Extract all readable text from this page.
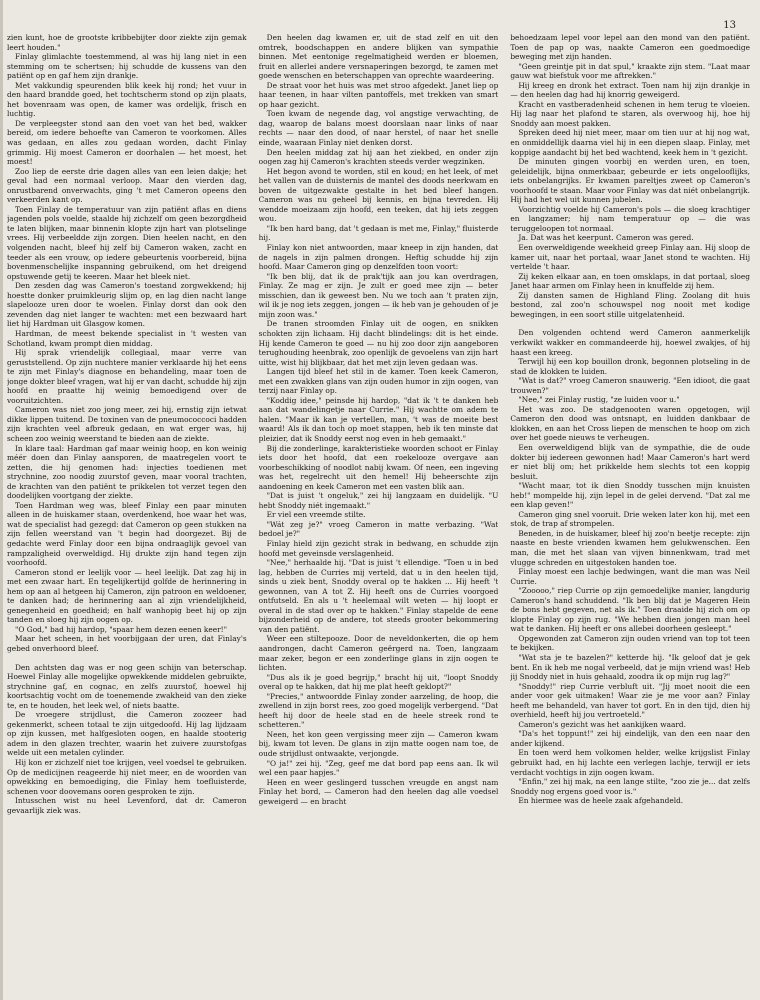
13

zien kunt, hoe de grootste kribbebijter door ziekte zijn gemak leert houden."

Finlay glimlachte toestemmend, al was hij lang niet in een stemming om te schertsen; hij schudde de kussens van den patiënt op en gaf hem zijn drankje.

Met vakkundig speurenden blik keek hij rond; het vuur in den haard brandde goed, het tochtscherm stond op zijn plaats, het bovenraam was open, de kamer was ordelijk, frisch en luchtig.

De verpleegster stond aan den voet van het bed, wakker bereid, om iedere behoefte van Cameron te voorkomen. Alles was gedaan, en alles zou gedaan worden, dacht Finlay grimmig. Hij moest Cameron er doorhalen — het moest, het moest!

Zoo liep de eerste drie dagen alles van een leien dakje; het geval had een normaal verloop. Maar den vierden dag, onrustbarend onverwachts, ging 't met Cameron opeens den verkeerden kant op.

Toen Finlay de temperatuur van zijn patiënt aflas en diens jagenden pols voelde, staalde hij zichzelf om geen bezorgdheid te laten blijken, maar binnenin klopte zijn hart van plotselinge vrees. Hij verbeeldde zijn zorgen. Dien heelen nacht, en den volgenden nacht, bleef hij zelf bij Cameron waken, zacht en teeder als een vrouw, op iedere gebeurtenis voorbereid, bijna bovenmenschelijke inspanning gebruikend, om het dreigend opstuwende getij te keeren. Maar het bleek niet.

Den zesden dag was Cameron's toestand zorgwekkend; hij hoestte donker pruimkleurig slijm op, en lag dien nacht lange slapelooze uren door te woelen. Finlay dorst dan ook den zevenden dag niet langer te wachten: met een bezwaard hart liet hij Hardman uit Glasgow komen.

Hardman, de meest bekende specialist in 't westen van Schotland, kwam prompt dien middag.

Hij sprak vriendelijk collegiaal, maar verre van geruststellend. Op zijn nuchtere manier verklaarde hij het eens te zijn met Finlay's diagnose en behandeling, maar toen de jonge dokter bleef vragen, wat hij er van dacht, schudde hij zijn hoofd en praatte hij weinig bemoedigend over de vooruitzichten.

Cameron was niet zoo jong meer, zei hij, ernstig zijn ietwat dikke lippen tuitend. De toxinen van de pneumococcoci hadden zijn krachten veel afbreuk gedaan, en wat erger was, hij scheen zoo weinig weerstand te bieden aan de ziekte.

In klare taal: Hardman gaf maar weinig hoop, en kon weinig méér doen dan Finlay aansporen, de maatregelen voort te zetten, die hij genomen had: injecties toedienen met strychnine, zoo noodig zuurstof geven, maar vooral trachten, de krachten van den patiënt te prikkelen tot verzet tegen den doodelijken voortgang der ziekte.

Toen Hardman weg was, bleef Finlay een paar minuten alleen in de huiskamer staan, overdenkend, hoe waar het was, wat de specialist had gezegd: dat Cameron op geen stukken na zijn fellen weerstand van 't begin had doorgezet. Bij de gedachte werd Finlay door een bijna ondraaglijk gevoel van rampzaligheid overweldigd. Hij drukte zijn hand tegen zijn voorhoofd.

Cameron stond er leelijk voor — heel leelijk. Dat zag hij in met een zwaar hart. En tegelijkertijd golfde de herinnering in hem op aan al hetgeen hij Cameron, zijn patroon en weldoener, te danken had; de herinnering aan al zijn vriendelijkheid, genegenheid en goedheid; en half wanhopig beet hij op zijn tanden en sloeg hij zijn oogen op.

"O God," bad hij hardop, "spaar hem dezen eenen keer!"

Maar het scheen, in het voorbijgaan der uren, dat Finlay's gebed onverhoord bleef.

Den achtsten dag was er nog geen schijn van beterschap. Hoewel Finlay alle mogelijke opwekkende middelen gebruikte, strychnine gaf, en cognac, en zelfs zuurstof, hoewel hij koortsachtig vocht om de toenemende zwakheid van den zieke te, en te houden, het leek wel, of niets baatte.

De vroegere strijdlust, die Cameron zoozeer had gekenmerkt, scheen totaal te zijn uitgedoofd. Hij lag lijdzaam op zijn kussen, met halfgesloten oogen, en haalde stooterig adem in den glazen trechter, waarin het zuivere zuurstofgas welde uit een metalen cylinder.

Hij kon er zichzelf niet toe krijgen, veel voedsel te gebruiken. Op de medicijnen reageerde hij niet meer, en de woorden van opwekking en bemoediging, die Finlay hem toefluisterde, schenen voor doovemans ooren gesproken te zijn.

Intusschen wist nu heel Levenford, dat dr. Cameron gevaarlijk ziek was.

Den heelen dag kwamen er, uit de stad zelf en uit den omtrek, boodschappen en andere blijken van sympathie binnen. Met eentonige regelmatigheid werden er bloemen, fruit en allerlei andere versnaperingen bezorgd, te zamen met goede wenschen en beterschappen van oprechte waardeering.

De straat voor het huis was met stroo afgedekt. Janet liep op haar teenen, in haar vilten pantoffels, met trekken van smart op haar gezicht.

Toen kwam de negende dag, vol angstige verwachting, de dag, waarop de balans moest doorslaan naar links of naar rechts — naar den dood, of naar herstel, of naar het snelle einde, waaraan Finlay niet denken dorst.

Den heelen middag zat hij aan het ziekbed, en onder zijn oogen zag hij Cameron's krachten steeds verder wegzinken.

Het begon avond te worden, stil en koud; en het leek, of met het vallen van de duisternis de mantel des doods neerkwam en boven de uitgezwakte gestalte in het bed bleef hangen. Cameron was nu geheel bij kennis, en bijna tevreden. Hij wendde moeizaam zijn hoofd, een teeken, dat hij iets zeggen wou.

"Ik ben hard bang, dat 't gedaan is met me, Finlay," fluisterde hij.

Finlay kon niet antwoorden, maar kneep in zijn handen, dat de nagels in zijn palmen drongen. Heftig schudde hij zijn hoofd. Maar Cameron ging op denzelfden toon voort:

"Ik ben blij, dat ik de prak'tijk aan jou kan overdragen, Finlay. Ze mag er zijn. Je zult er goed mee zijn — beter misschien, dan ik geweest ben. Nu we toch aan 't praten zijn, wil ik je nog iets zeggen, jongen — ik heb van je gehouden of je mijn zoon was."

De tranen stroomden Finlay uit de oogen, en snikken schokten zijn lichaam. Hij dacht blindelings: dit is het einde. Hij kende Cameron te goed — nu hij zoo door zijn aangeboren terughouding heenbrak, zoo openlijk de gevoelens van zijn hart uitte, wist hij blijkbaar, dat het met zijn leven gedaan was.

Langen tijd bleef het stil in de kamer. Toen keek Cameron, met een zwakken glans van zijn ouden humor in zijn oogen, van terzij naar Finlay op.

"Koddig idee," peinsde hij hardop, "dat ik 't te danken heb aan dat wandelingetje naar Currie." Hij wachtte om adem te halen. "Maar ik kan je vertellen, man, 't was de moeite best waard! Als ik dan toch op moet stappen, heb ik ten minste dat pleizier, dat ik Snoddy eerst nog even in heb gemaakt."

Bij die zonderlinge, karakteristieke woorden schoot er Finlay iets door het hoofd, dat een roekelooze overgave aan voorbeschikking of noodlot nabij kwam. Of neen, een ingeving was het, regelrecht uit den hemel! Hij beheerschte zijn aandoening en keek Cameron met een vasten blik aan.

"Dat is juist 't ongeluk," zei hij langzaam en duidelijk. "U hebt Snoddy niét ingemaakt."

Er viel een vreemde stilte.

"Wát zeg je?" vroeg Cameron in matte verbazing. "Wat bedoel je?"

Finlay hield zijn gezicht strak in bedwang, en schudde zijn hoofd met geveinsde verslagenheid.

"Nee," herhaalde hij. "Dat is juist 't ellendige. "Toen u in bed lag, hebben de Curries mij verteld, dat u in den heelen tijd, sinds u ziek bent, Snoddy overal op te hakken ... Hij heeft 't gewonnen, van A tot Z. Hij heeft ons de Curries voorgoed ontfutseld. En als u 't heelemaal wilt weten — hij loopt er overal in de stad over op te hakken." Finlay stapelde de eene bijzonderheid op de andere, tot steeds grooter bekommering van den patiënt.

Weer een stiltepooze. Door de neveldonkerten, die op hem aandrongen, dacht Cameron geërgerd na. Toen, langzaam maar zeker, begon er een zonderlinge glans in zijn oogen te lichten.

"Dus als ik je goed begrijp," bracht hij uit, "loopt Snoddy overal op te hakken, dat hij me plat heeft geklopt?"

"Precies," antwoordde Finlay zonder aarzeling, de hoop, die zwellend in zijn borst rees, zoo goed mogelijk verbergend. "Dat heeft hij door de heele stad en de heele streek rond te schetteren."

Neen, het kon geen vergissing meer zijn — Cameron kwam bij, kwam tot leven. De glans in zijn matte oogen nam toe, de oude strijdlust ontwaakte, verjongde.

"O ja!" zei hij. "Zeg, geef me dat bord pap eens aan. Ik wil wel een paar hapjes."

Heen en weer geslingerd tusschen vreugde en angst nam Finlay het bord, — Cameron had den heelen dag alle voedsel geweigerd — en bracht

behoedzaam lepel voor lepel aan den mond van den patiënt. Toen de pap op was, naakte Cameron een goedmoedige beweging met zijn handen.

"Geen greintje pit in dat spul," kraakte zijn stem. "Laat maar gauw wat biefstuk voor me aftrekken."

Hij kreeg en dronk het extract. Toen nam hij zijn drankje in — den heelen dag had hij knorrig geweigerd.

Kracht en vastberadenheid schenen in hem terug te vloeien. Hij lag naar het plafond te staren, als overwoog hij, hoe hij Snoddy aan moest pakken.

Spreken deed hij niet meer, maar om tien uur at hij nog wat, en onmiddellijk daarna viel hij in een diepen slaap. Finlay, met koppige aandacht bij het bed wachtend, keek hem in 't gezicht.

De minuten gingen voorbij en werden uren, en toen, geleidelijk, bijna onmerkbaar, gebeurde er iets ongelooflijks, iets onbelangrijks. Er kwamen pareltjes zweet op Cameron's voorhoofd te staan. Maar voor Finlay was dat niét onbelangrijk. Hij had het wel uit kunnen jubelen.

Voorzichtig voelde hij Cameron's pols — die sloeg krachtiger en langzamer; hij nam temperatuur op — die was teruggeloopen tot normaal.

Ja. Dat was het keerpunt. Cameron was gered.

Een overweldigende weekheid greep Finlay aan. Hij sloop de kamer uit, naar het portaal, waar Janet stond te wachten. Hij vertelde 't haar.

Zij keken elkaar aan, en toen omsklaps, in dat portaal, sloeg Janet haar armen om Finlay heen in knuffelde zij hem.

Zij dansten samen de Highland Fling. Zoolang dit huis bestond, zal zoo'n schouwspel nog nooit met kodige bewegingen, in een soort stille uitgelatenheid.

Den volgenden ochtend werd Cameron aanmerkelijk verkwikt wakker en commandeerde hij, hoewel zwakjes, of hij haast een kreeg.

Terwijl hij een kop bouillon dronk, begonnen plotseling in de stad de klokken te luiden.

"Wat is dat?" vroeg Cameron snauwerig. "Een idioot, die gaat trouwen?"

"Nee," zei Finlay rustig, "ze luiden voor u."

Het was zoo. De stadgenooten waren opgetogen, wijl Cameron den dood was ontsnapt, en luidden dankbaar de klokken, en aan het Cross liepen de menschen te hoop om zich over het goede nieuws te verheugen.

Een overweldigend blijk van de sympathie, die de oude dokter bij iedereen gewonnen had! Maar Cameron's hart werd er niet blij om; het prikkelde hem slechts tot een koppig besluit.

"Wacht maar, tot ik dien Snoddy tusschen mijn knuisten heb!" mompelde hij, zijn lepel in de gelei dervend. "Dat zal me een klap geven!"

Cameron ging snel vooruit. Drie weken later kon hij, met een stok, de trap af strompelen.

Beneden, in de huiskamer, bleef hij zoo'n beetje recepte: zijn naaste en beste vrienden kwamen hem gelukwenschen. Een man, die met het slaan van vijven binnenkwam, trad met vlugge schreden en uitgestoken handen toe.

Finlay moest een lachje bedwingen, want die man was Neil Currie.

"Zooooo," riep Currie op zijn gemoedelijke manier, langdurig Cameron's hand schuddend. "Ik ben blij dat je Mageren Hein de bons hebt gegeven, net als ik." Toen draaide hij zich om op klopte Finlay op zijn rug. "We hebben dien jongen man heel wat te danken. Hij heeft er ons allebei doorheen gesleept."

Opgewonden zat Cameron zijn ouden vriend van top tot teen te bekijken.

"Wat sta je te bazelen?" ketterde hij. "Ik geloof dat je gek bent. En ik heb me nogal verbeeld, dat je mijn vriend was! Heb jij Snoddy niet in huis gehaald, zoodra ik op mijn rug lag?"

"Snoddy!" riep Currie verbluft uit. "Jij moet nooit die een ander voor gek uitmaken! Waar zie je me voor aan? Finlay heeft me behandeld, van haver tot gort. En in den tijd, dien hij overhield, heeft hij jou vertroeteld."

Cameron's gezicht was het aankijken waard.

"Da's het toppunt!" zei hij eindelijk, van den een naar den ander kijkend.

En toen werd hem volkomen helder, welke krijgslist Finlay gebruikt had, en hij lachte een verlegen lachje, terwijl er iets verdacht vochtigs in zijn oogen kwam.

"Enfin," zei hij mak, na een lange stilte, "zoo zie je... dat zelfs Snoddy nog ergens goed voor is."

En hiermee was de heele zaak afgehandeld.
